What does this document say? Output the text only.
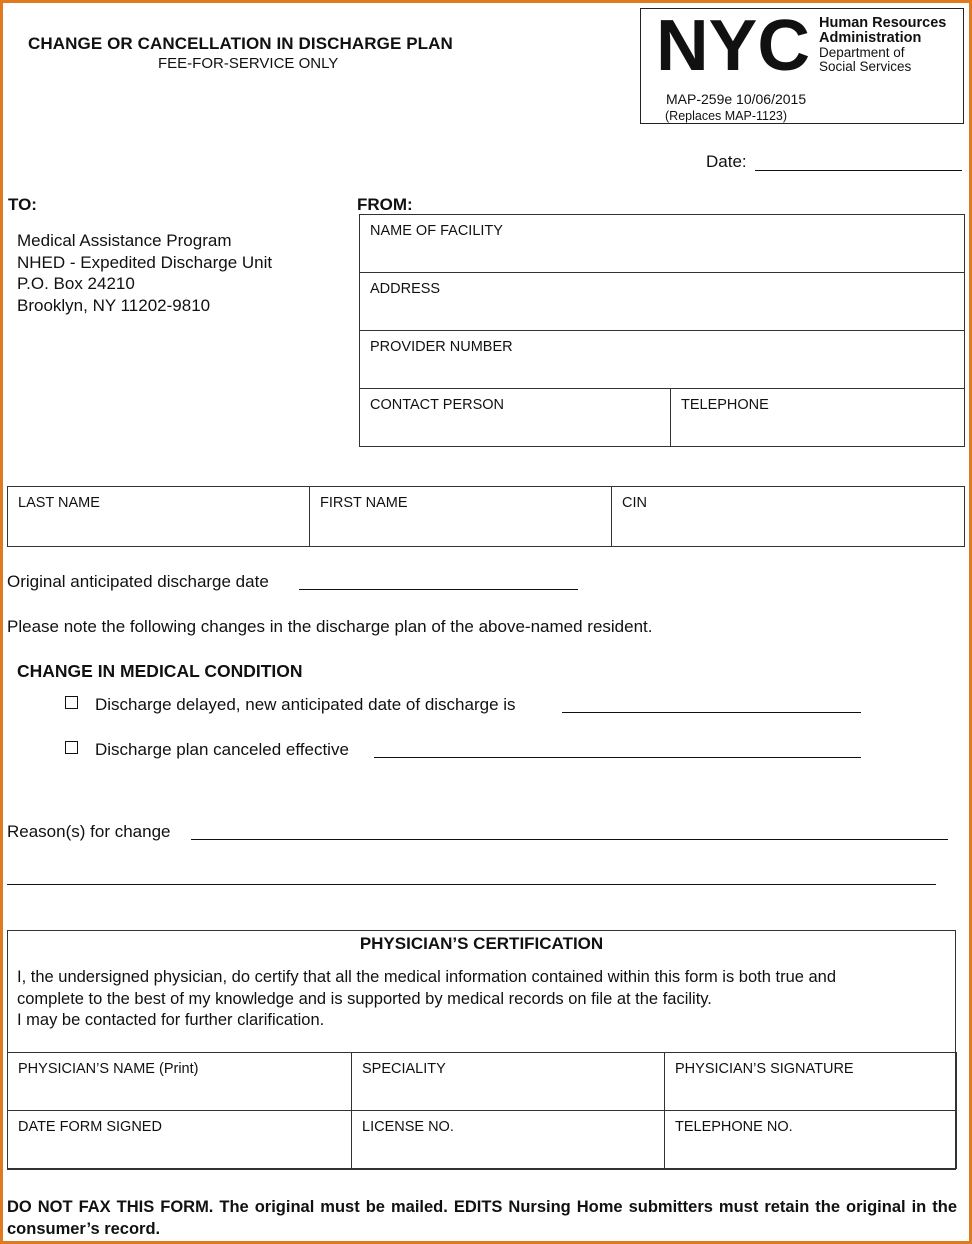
CHANGE OR CANCELLATION IN DISCHARGE PLAN
FEE-FOR-SERVICE ONLY	NYC Human Resources
Administration
Department of
Social Services
MAP-259e 10/06/2015
(Replaces MAP-1123)
Date:
TO:	FROM:
Medical Assistance Program
NHED - Expedited Discharge Unit
P.O. Box 24210
Brooklyn, NY 11202-9810
NAME OF FACILITY
ADDRESS
PROVIDER NUMBER
CONTACT PERSON	TELEPHONE
LAST NAME	FIRST NAME	CIN
Original anticipated discharge date
Please note the following changes in the discharge plan of the above-named resident.
CHANGE IN MEDICAL CONDITION
Discharge delayed, new anticipated date of discharge is
Discharge plan canceled effective
Reason(s) for change
PHYSICIAN’S CERTIFICATION
I, the undersigned physician, do certify that all the medical information contained within this form is both true and
complete to the best of my knowledge and is supported by medical records on file at the facility.
I may be contacted for further clarification.
PHYSICIAN’S NAME (Print)	SPECIALITY	PHYSICIAN’S SIGNATURE
DATE FORM SIGNED	LICENSE NO.	TELEPHONE NO.
DO NOT FAX THIS FORM. The original must be mailed. EDITS Nursing Home submitters must retain the original in the consumer’s record.
